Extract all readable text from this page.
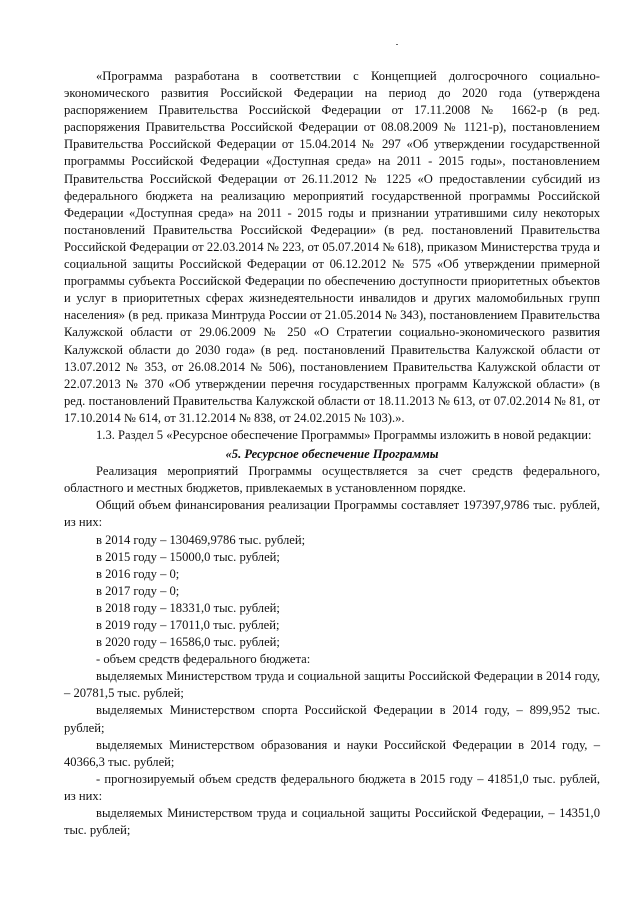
«Программа разработана в соответствии с Концепцией долгосрочного социально-экономического развития Российской Федерации на период до 2020 года (утверждена распоряжением Правительства Российской Федерации от 17.11.2008 № 1662-р (в ред. распоряжения Правительства Российской Федерации от 08.08.2009 № 1121-р), постановлением Правительства Российской Федерации от 15.04.2014 № 297 «Об утверждении государственной программы Российской Федерации «Доступная среда» на 2011 - 2015 годы», постановлением Правительства Российской Федерации от 26.11.2012 № 1225 «О предоставлении субсидий из федерального бюджета на реализацию мероприятий государственной программы Российской Федерации «Доступная среда» на 2011 - 2015 годы и признании утратившими силу некоторых постановлений Правительства Российской Федерации» (в ред. постановлений Правительства Российской Федерации от 22.03.2014 № 223, от 05.07.2014 № 618), приказом Министерства труда и социальной защиты Российской Федерации от 06.12.2012 № 575 «Об утверждении примерной программы субъекта Российской Федерации по обеспечению доступности приоритетных объектов и услуг в приоритетных сферах жизнедеятельности инвалидов и других маломобильных групп населения» (в ред. приказа Минтруда России от 21.05.2014 № 343), постановлением Правительства Калужской области от 29.06.2009 № 250 «О Стратегии социально-экономического развития Калужской области до 2030 года» (в ред. постановлений Правительства Калужской области от 13.07.2012 № 353, от 26.08.2014 № 506), постановлением Правительства Калужской области от 22.07.2013 № 370 «Об утверждении перечня государственных программ Калужской области» (в ред. постановлений Правительства Калужской области от 18.11.2013 № 613, от 07.02.2014 № 81, от 17.10.2014 № 614, от 31.12.2014 № 838, от 24.02.2015 № 103).».

1.3. Раздел 5 «Ресурсное обеспечение Программы» Программы изложить в новой редакции:

«5. Ресурсное обеспечение Программы

Реализация мероприятий Программы осуществляется за счет средств федерального, областного и местных бюджетов, привлекаемых в установленном порядке.

Общий объем финансирования реализации Программы составляет 197397,9786 тыс. рублей, из них:

в 2014 году – 130469,9786 тыс. рублей;
в 2015 году – 15000,0 тыс. рублей;
в 2016 году – 0;
в 2017 году – 0;
в 2018 году – 18331,0 тыс. рублей;
в 2019 году – 17011,0 тыс. рублей;
в 2020 году – 16586,0 тыс. рублей;
- объем средств федерального бюджета:

выделяемых Министерством труда и социальной защиты Российской Федерации в 2014 году, – 20781,5 тыс. рублей;

выделяемых Министерством спорта Российской Федерации в 2014 году, – 899,952 тыс. рублей;

выделяемых Министерством образования и науки Российской Федерации в 2014 году, – 40366,3 тыс. рублей;

- прогнозируемый объем средств федерального бюджета в 2015 году – 41851,0 тыс. рублей, из них:

выделяемых Министерством труда и социальной защиты Российской Федерации, – 14351,0 тыс. рублей;
